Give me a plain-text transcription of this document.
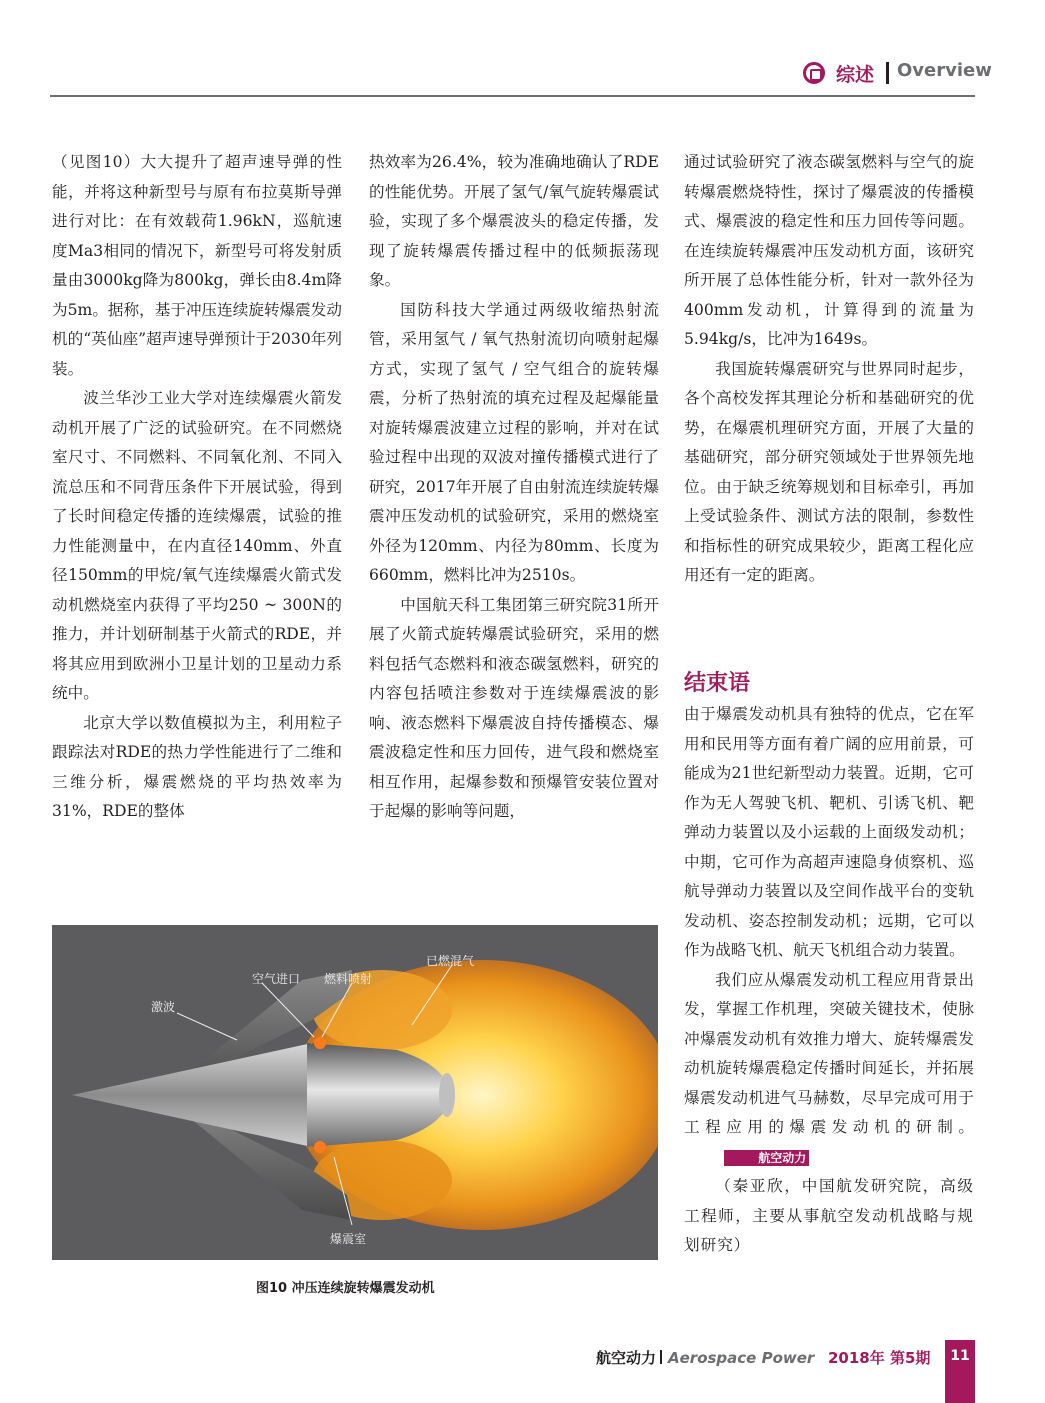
综述 Overview

（见图10）大大提升了超声速导弹的性能，并将这种新型号与原有布拉莫斯导弹进行对比：在有效载荷1.96kN，巡航速度Ma3相同的情况下，新型号可将发射质量由3000kg降为800kg，弹长由8.4m降为5m。据称，基于冲压连续旋转爆震发动机的“英仙座”超声速导弹预计于2030年列装。

波兰华沙工业大学对连续爆震火箭发动机开展了广泛的试验研究。在不同燃烧室尺寸、不同燃料、不同氧化剂、不同入流总压和不同背压条件下开展试验，得到了长时间稳定传播的连续爆震，试验的推力性能测量中，在内直径140mm、外直径150mm的甲烷/氧气连续爆震火箭式发动机燃烧室内获得了平均250 ~ 300N的推力，并计划研制基于火箭式的RDE，并将其应用到欧洲小卫星计划的卫星动力系统中。

北京大学以数值模拟为主，利用粒子跟踪法对RDE的热力学性能进行了二维和三维分析，爆震燃烧的平均热效率为31%，RDE的整体

热效率为26.4%，较为准确地确认了RDE的性能优势。开展了氢气/氧气旋转爆震试验，实现了多个爆震波头的稳定传播，发现了旋转爆震传播过程中的低频振荡现象。

国防科技大学通过两级收缩热射流管，采用氢气 / 氧气热射流切向喷射起爆方式，实现了氢气 / 空气组合的旋转爆震，分析了热射流的填充过程及起爆能量对旋转爆震波建立过程的影响，并对在试验过程中出现的双波对撞传播模式进行了研究，2017年开展了自由射流连续旋转爆震冲压发动机的试验研究，采用的燃烧室外径为120mm、内径为80mm、长度为660mm，燃料比冲为2510s。

中国航天科工集团第三研究院31所开展了火箭式旋转爆震试验研究，采用的燃料包括气态燃料和液态碳氢燃料，研究的内容包括喷注参数对于连续爆震波的影响、液态燃料下爆震波自持传播模态、爆震波稳定性和压力回传，进气段和燃烧室相互作用，起爆参数和预爆管安装位置对于起爆的影响等问题，

通过试验研究了液态碳氢燃料与空气的旋转爆震燃烧特性，探讨了爆震波的传播模式、爆震波的稳定性和压力回传等问题。在连续旋转爆震冲压发动机方面，该研究所开展了总体性能分析，针对一款外径为400mm发动机，计算得到的流量为5.94kg/s，比冲为1649s。

我国旋转爆震研究与世界同时起步，各个高校发挥其理论分析和基础研究的优势，在爆震机理研究方面，开展了大量的基础研究，部分研究领域处于世界领先地位。由于缺乏统筹规划和目标牵引，再加上受试验条件、测试方法的限制，参数性和指标性的研究成果较少，距离工程化应用还有一定的距离。

结束语

由于爆震发动机具有独特的优点，它在军用和民用等方面有着广阔的应用前景，可能成为21世纪新型动力装置。近期，它可作为无人驾驶飞机、靶机、引诱飞机、靶弹动力装置以及小运载的上面级发动机；中期，它可作为高超声速隐身侦察机、巡航导弹动力装置以及空间作战平台的变轨发动机、姿态控制发动机；远期，它可以作为战略飞机、航天飞机组合动力装置。

我们应从爆震发动机工程应用背景出发，掌握工作机理，突破关键技术，使脉冲爆震发动机有效推力增大、旋转爆震发动机旋转爆震稳定传播时间延长，并拓展爆震发动机进气马赫数，尽早完成可用于工程应用的爆震发动机的研制。航空动力

（秦亚欣，中国航发研究院，高级工程师，主要从事航空发动机战略与规划研究）

已燃混气
空气进口 燃料喷射
激波
爆震室
图10 冲压连续旋转爆震发动机
航空动力 Aerospace Power 2018年 第5期	11
